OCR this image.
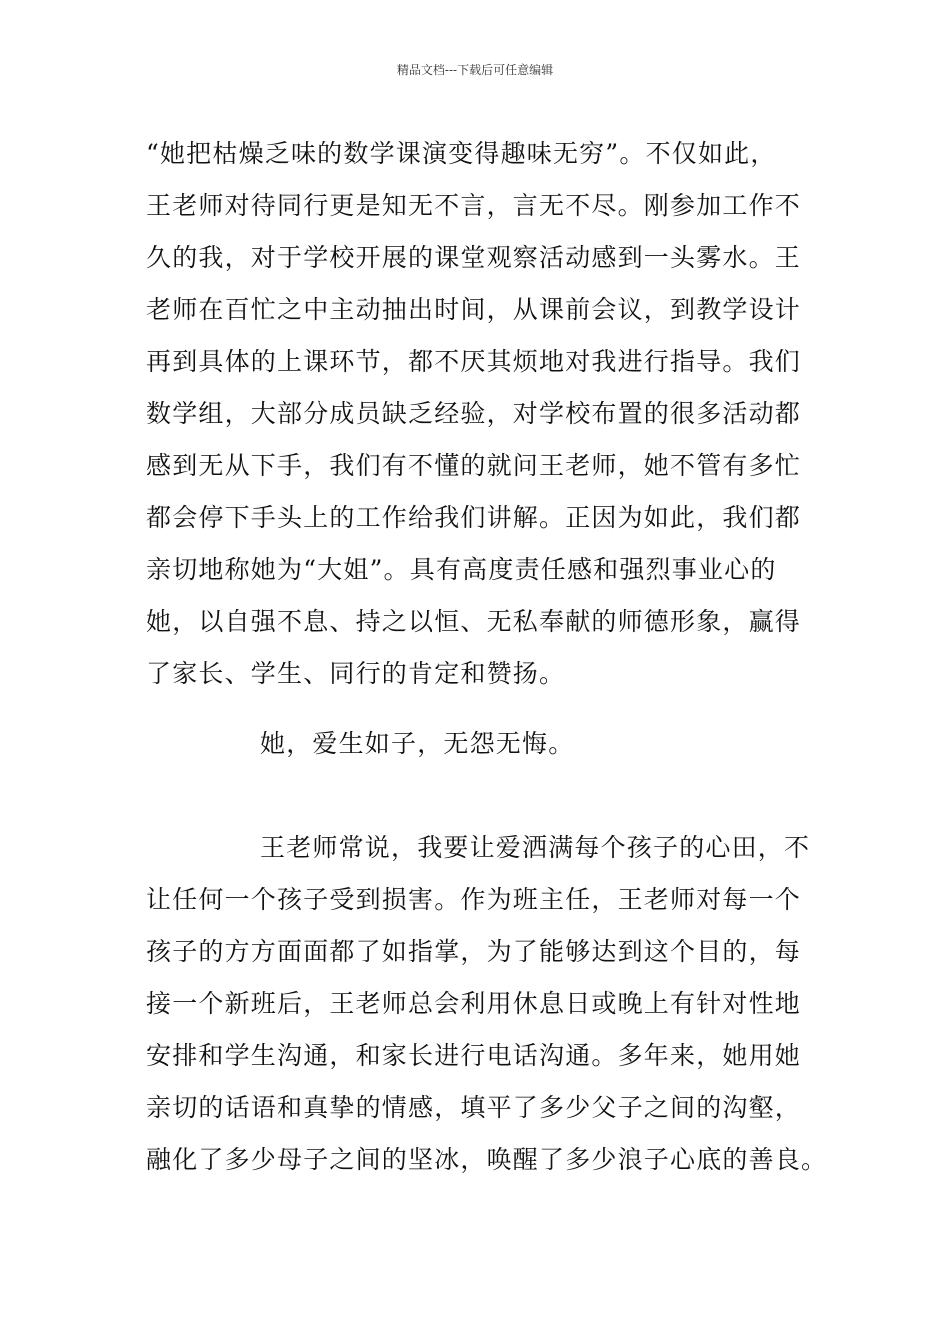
精品文档---下载后可任意编辑
“她把枯燥乏味的数学课演变得趣味无穷”。不仅如此，
王老师对待同行更是知无不言，言无不尽。刚参加工作不
久的我，对于学校开展的课堂观察活动感到一头雾水。王
老师在百忙之中主动抽出时间，从课前会议，到教学设计
再到具体的上课环节，都不厌其烦地对我进行指导。我们
数学组，大部分成员缺乏经验，对学校布置的很多活动都
感到无从下手，我们有不懂的就问王老师，她不管有多忙
都会停下手头上的工作给我们讲解。正因为如此，我们都
亲切地称她为“大姐”。具有高度责任感和强烈事业心的
她，以自强不息、持之以恒、无私奉献的师德形象，赢得
了家长、学生、同行的肯定和赞扬。
她，爱生如子，无怨无悔。
王老师常说，我要让爱洒满每个孩子的心田，不
让任何一个孩子受到损害。作为班主任，王老师对每一个
孩子的方方面面都了如指掌，为了能够达到这个目的，每
接一个新班后，王老师总会利用休息日或晚上有针对性地
安排和学生沟通，和家长进行电话沟通。多年来，她用她
亲切的话语和真挚的情感，填平了多少父子之间的沟壑，
融化了多少母子之间的坚冰，唤醒了多少浪子心底的善良。
